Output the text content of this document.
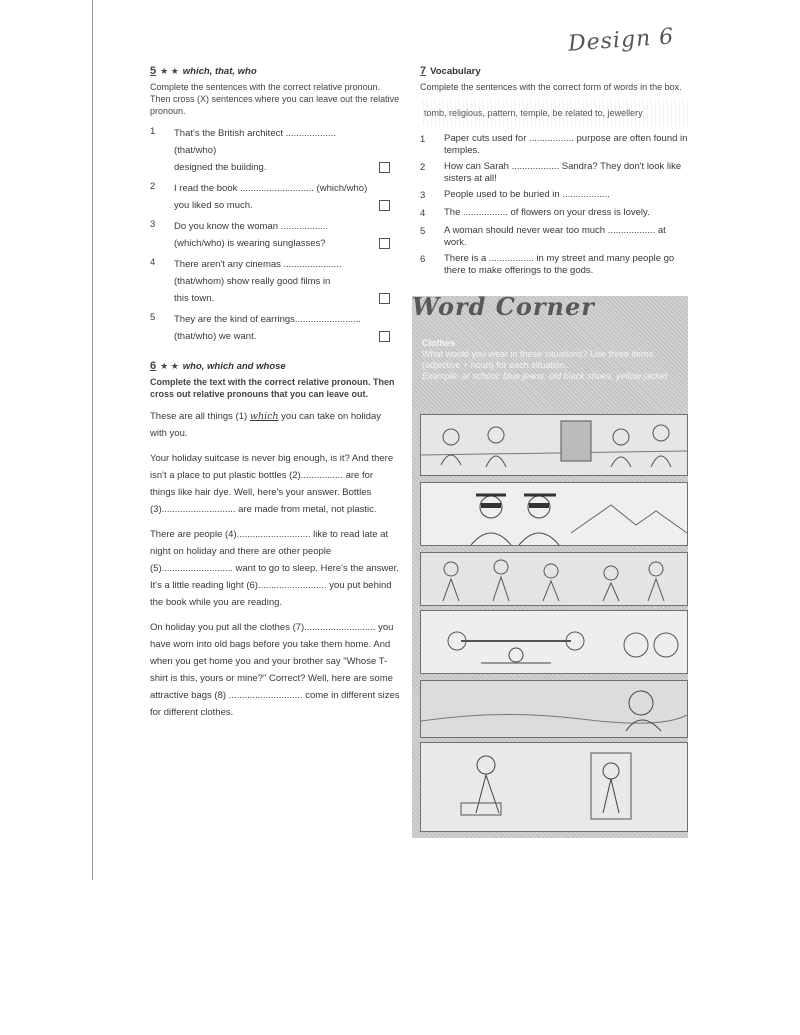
Design 6
5 ★ ★ which, that, who
Complete the sentences with the correct relative pronoun. Then cross (X) sentences where you can leave out the relative pronoun.
1	That's the British architect ................... (that/who)
designed the building.
2	I read the book ............................ (which/who)
you liked so much.
3	Do you know the woman ..................
(which/who) is wearing sunglasses?
4	There aren't any cinemas ......................
(that/whom) show really good films in
this town.
5	They are the kind of earrings.........................
(that/who) we want.
6 ★ ★ who, which and whose
Complete the text with the correct relative pronoun. Then cross out relative pronouns that you can leave out.
These are all things (1) which you can take on holiday with you.
Your holiday suitcase is never big enough, is it? And there isn't a place to put plastic bottles (2)................ are for things like hair dye. Well, here's your answer. Bottles (3)............................ are made from metal, not plastic.
There are people (4)............................ like to read late at night on holiday and there are other people (5)........................... want to go to sleep. Here's the answer. It's a little reading light (6).......................... you put behind the book while you are reading.
On holiday you put all the clothes (7)........................... you have worn into old bags before you take them home. And when you get home you and your brother say "Whose T-shirt is this, yours or mine?" Correct? Well, here are some attractive bags (8) ............................ come in different sizes for different clothes.
7 Vocabulary
Complete the sentences with the correct form of words in the box.
tomb, religious, pattern, temple, be related to, jewellery
1	Paper cuts used for ................. purpose are often found in temples.
2	How can Sarah .................. Sandra? They don't look like sisters at all!
3	People used to be buried in ..................
4	The ................. of flowers on your dress is lovely.
5	A woman should never wear too much .................. at work.
6	There is a ................. in my street and many people go there to make offerings to the gods.
Word Corner
Clothes
What would you wear in these situations? Use three items (adjective + noun) for each situation.
Example: at school: blue jeans, old black shoes, yellow jacket
